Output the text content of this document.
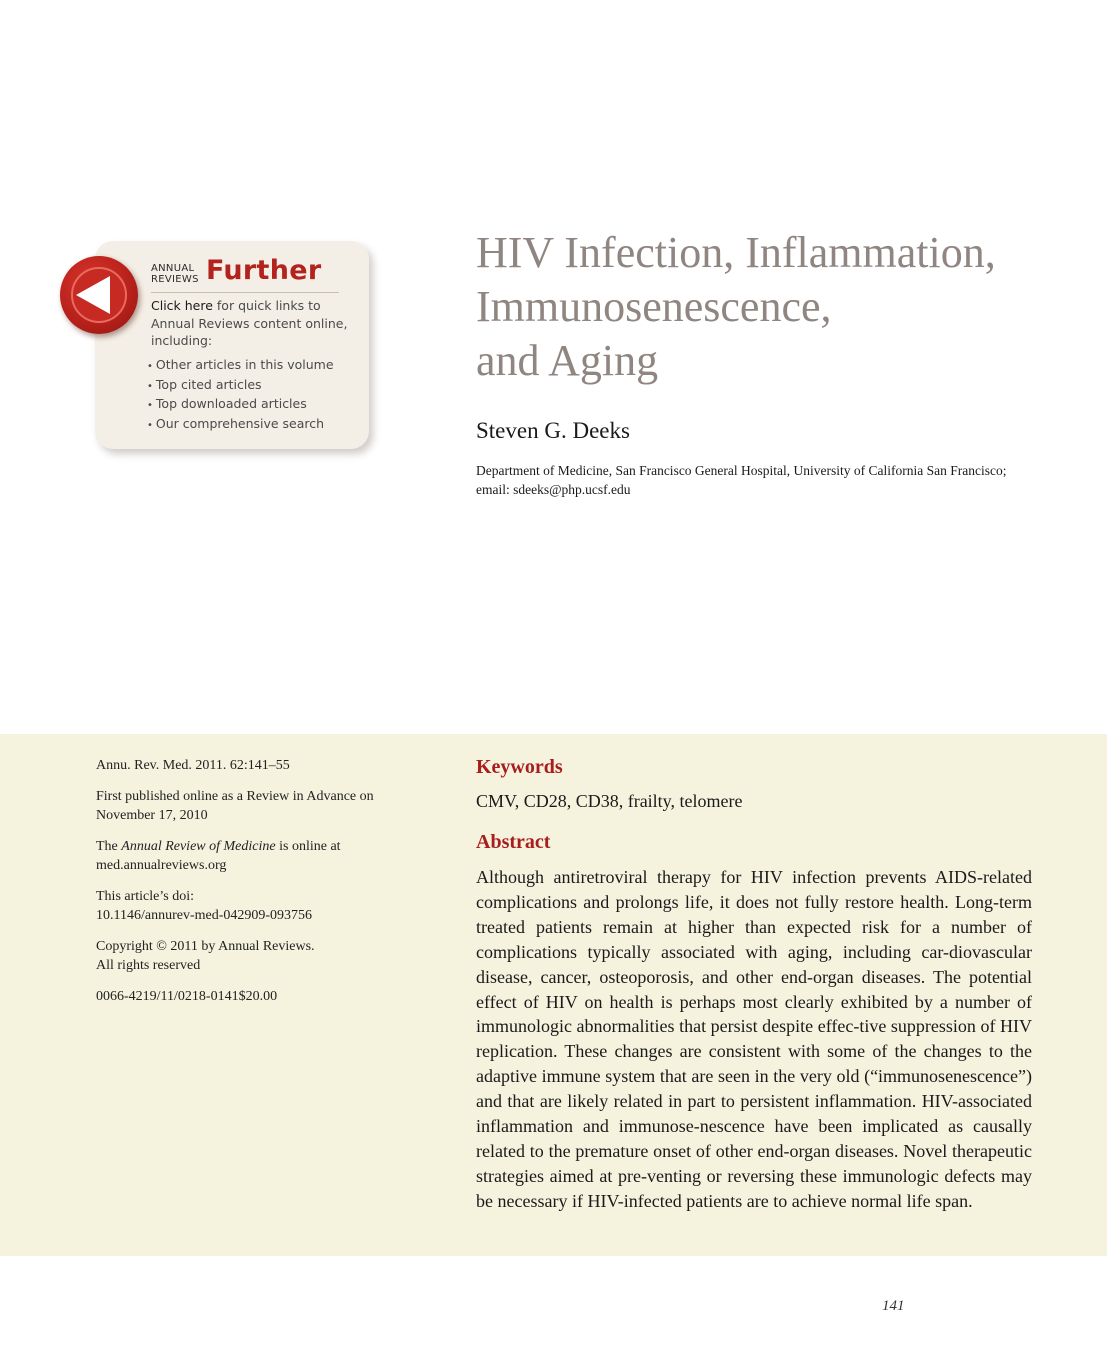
ANNUAL
REVIEWS Further
Click here for quick links to Annual Reviews content online, including:
• Other articles in this volume
• Top cited articles
• Top downloaded articles
• Our comprehensive search
HIV Infection, Inflammation,
Immunosenescence,
and Aging
Steven G. Deeks
Department of Medicine, San Francisco General Hospital, University of California San Francisco; email: sdeeks@php.ucsf.edu

Annu. Rev. Med. 2011. 62:141–55

First published online as a Review in Advance on November 17, 2010

The Annual Review of Medicine is online at
med.annualreviews.org

This article’s doi:
10.1146/annurev-med-042909-093756

Copyright © 2011 by Annual Reviews.
All rights reserved

0066-4219/11/0218-0141$20.00

Keywords
CMV, CD28, CD38, frailty, telomere
Abstract

Although antiretroviral therapy for HIV infection prevents AIDS-related complications and prolongs life, it does not fully restore health. Long-term treated patients remain at higher than expected risk for a number of complications typically associated with aging, including car-diovascular disease, cancer, osteoporosis, and other end-organ diseases. The potential effect of HIV on health is perhaps most clearly exhibited by a number of immunologic abnormalities that persist despite effec-tive suppression of HIV replication. These changes are consistent with some of the changes to the adaptive immune system that are seen in the very old (“immunosenescence”) and that are likely related in part to persistent inflammation. HIV-associated inflammation and immunose-nescence have been implicated as causally related to the premature onset of other end-organ diseases. Novel therapeutic strategies aimed at pre-venting or reversing these immunologic defects may be necessary if HIV-infected patients are to achieve normal life span.

141
